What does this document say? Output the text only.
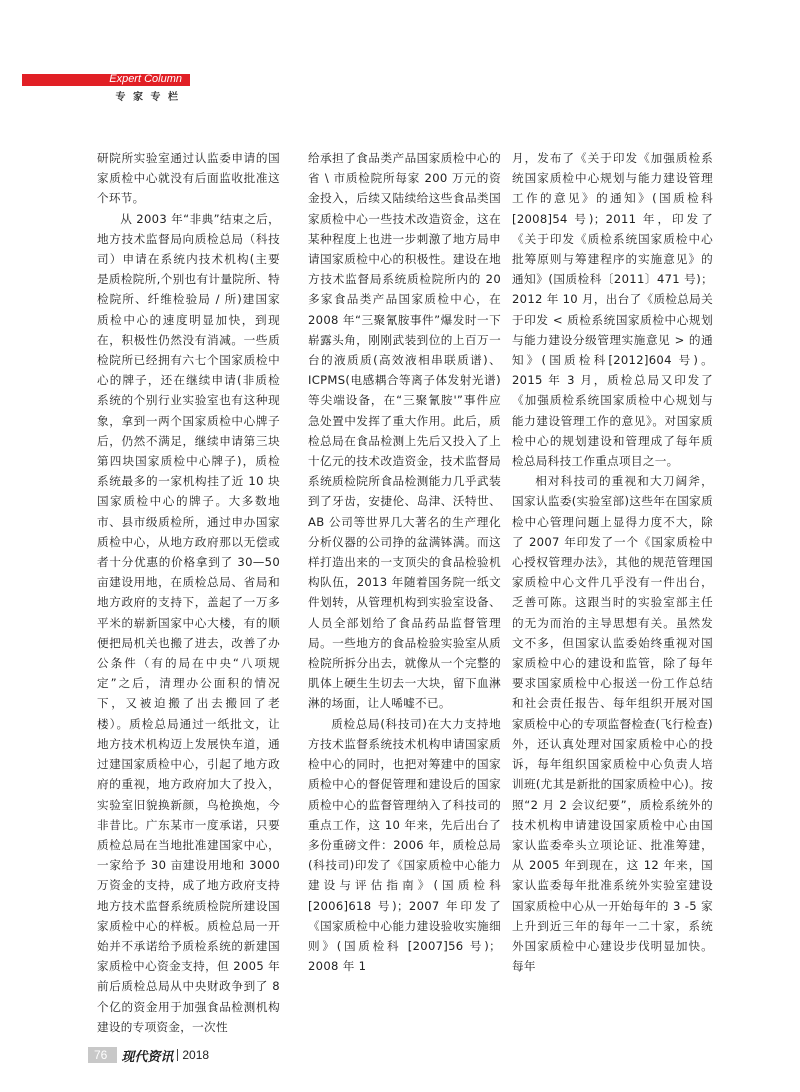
Expert Column
专 家 专 栏

研院所实验室通过认监委申请的国家质检中心就没有后面监收批准这个环节。

从 2003 年“非典”结束之后，地方技术监督局向质检总局（科技司）申请在系统内技术机构(主要是质检院所,个别也有计量院所、特检院所、纤维检验局 / 所)建国家质检中心的速度明显加快，到现在，积极性仍然没有消减。一些质检院所已经拥有六七个国家质检中心的牌子，还在继续申请(非质检系统的个别行业实验室也有这种现象，拿到一两个国家质检中心牌子后，仍然不满足，继续申请第三块第四块国家质检中心牌子)，质检系统最多的一家机构挂了近 10 块国家质检中心的牌子。大多数地市、县市级质检所，通过申办国家质检中心，从地方政府那以无偿或者十分优惠的价格拿到了 30—50 亩建设用地，在质检总局、省局和地方政府的支持下，盖起了一万多平米的崭新国家中心大楼，有的顺便把局机关也搬了进去，改善了办公条件（有的局在中央“八项规定”之后，清理办公面积的情况下，又被迫搬了出去搬回了老楼）。质检总局通过一纸批文，让地方技术机构迈上发展快车道，通过建国家质检中心，引起了地方政府的重视，地方政府加大了投入，实验室旧貌换新颜，鸟枪换炮，今非昔比。广东某市一度承诺，只要质检总局在当地批准建国家中心，一家给予 30 亩建设用地和 3000 万资金的支持，成了地方政府支持地方技术监督系统质检院所建设国家质检中心的样板。质检总局一开始并不承诺给予质检系统的新建国家质检中心资金支持，但 2005 年前后质检总局从中央财政争到了 8 个亿的资金用于加强食品检测机构建设的专项资金，一次性

给承担了食品类产品国家质检中心的省 \ 市质检院所每家 200 万元的资金投入，后续又陆续给这些食品类国家质检中心一些技术改造资金，这在某种程度上也进一步刺激了地方局申请国家质检中心的积极性。建设在地方技术监督局系统质检院所内的 20 多家食品类产品国家质检中心，在 2008 年“三聚氰胺事件”爆发时一下崭露头角，刚刚武装到位的上百万一台的液质质(高效液相串联质谱)、ICPMS(电感耦合等离子体发射光谱)等尖端设备，在“三聚氰胺'”事件应急处置中发挥了重大作用。此后，质检总局在食品检测上先后又投入了上十亿元的技术改造资金，技术监督局系统质检院所食品检测能力几乎武装到了牙齿，安捷伦、岛津、沃特世、AB 公司等世界几大著名的生产理化分析仪器的公司挣的盆满钵满。而这样打造出来的一支顶尖的食品检验机构队伍，2013 年随着国务院一纸文件划转，从管理机构到实验室设备、人员全部划给了食品药品监督管理局。一些地方的食品检验实验室从质检院所拆分出去，就像从一个完整的肌体上硬生生切去一大块，留下血淋淋的场面，让人唏嘘不已。

质检总局(科技司)在大力支持地方技术监督系统技术机构申请国家质检中心的同时，也把对筹建中的国家质检中心的督促管理和建设后的国家质检中心的监督管理纳入了科技司的重点工作，这 10 年来，先后出台了多份重磅文件：2006 年，质检总局(科技司)印发了《国家质检中心能力建设与评估指南》(国质检科[2006]618 号)；2007 年印发了《国家质检中心能力建设验收实施细则》(国质检科 [2007]56 号)；2008 年 1

月，发布了《关于印发《加强质检系统国家质检中心规划与能力建设管理工作的意见》的通知》(国质检科[2008]54 号)；2011 年，印发了《关于印发《质检系统国家质检中心批筹原则与筹建程序的实施意见》的通知》(国质检科〔2011〕471 号)；2012 年 10 月，出台了《质检总局关于印发 < 质检系统国家质检中心规划与能力建设分级管理实施意见 > 的通知》(国质检科[2012]604 号)。2015 年 3 月，质检总局又印发了《加强质检系统国家质检中心规划与能力建设管理工作的意见》。对国家质检中心的规划建设和管理成了每年质检总局科技工作重点项目之一。

相对科技司的重视和大刀阔斧，国家认监委(实验室部)这些年在国家质检中心管理问题上显得力度不大，除了 2007 年印发了一个《国家质检中心授权管理办法》，其他的规范管理国家质检中心文件几乎没有一件出台，乏善可陈。这跟当时的实验室部主任的无为而治的主导思想有关。虽然发文不多，但国家认监委始终重视对国家质检中心的建设和监管，除了每年要求国家质检中心报送一份工作总结和社会责任报告、每年组织开展对国家质检中心的专项监督检查(飞行检查)外，还认真处理对国家质检中心的投诉，每年组织国家质检中心负责人培训班(尤其是新批的国家质检中心)。按照“2 月 2 会议纪要”，质检系统外的技术机构申请建设国家质检中心由国家认监委牵头立项论证、批准筹建，从 2005 年到现在，这 12 年来，国家认监委每年批准系统外实验室建设国家质检中心从一开始每年的 3 -5 家上升到近三年的每年一二十家，系统外国家质检中心建设步伐明显加快。每年

76	现代资讯 2018
